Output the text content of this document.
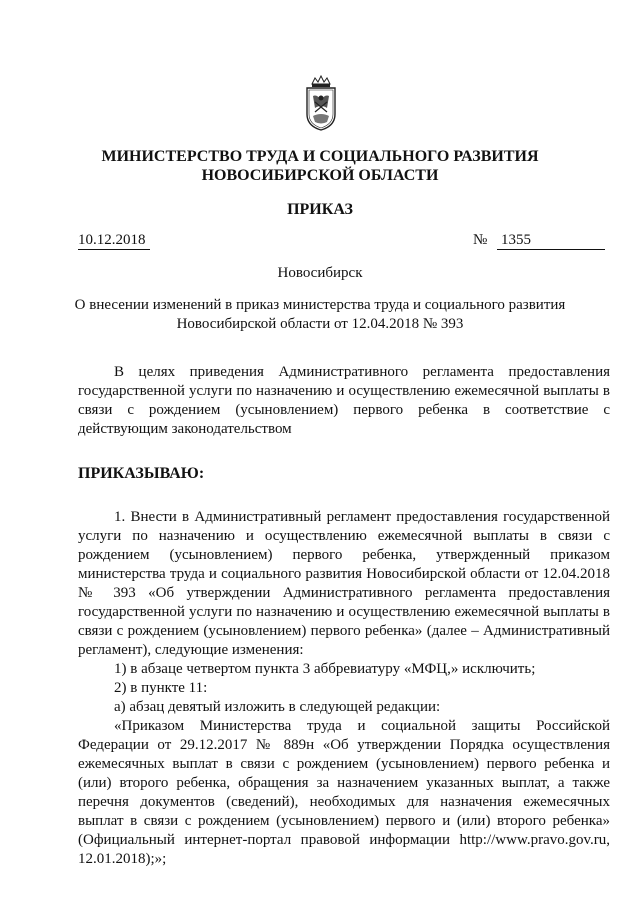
МИНИСТЕРСТВО ТРУДА И СОЦИАЛЬНОГО РАЗВИТИЯ
НОВОСИБИРСКОЙ ОБЛАСТИ
ПРИКАЗ
10.12.2018	№ 1355
Новосибирск
О внесении изменений в приказ министерства труда и социального развития
Новосибирской области от 12.04.2018 № 393

В целях приведения Административного регламента предоставления государственной услуги по назначению и осуществлению ежемесячной выплаты в связи с рождением (усыновлением) первого ребенка в соответствие с действующим законодательством

ПРИКАЗЫВАЮ:

1. Внести в Административный регламент предоставления государственной услуги по назначению и осуществлению ежемесячной выплаты в связи с рождением (усыновлением) первого ребенка, утвержденный приказом министерства труда и социального развития Новосибирской области от 12.04.2018 № 393 «Об утверждении Административного регламента предоставления государственной услуги по назначению и осуществлению ежемесячной выплаты в связи с рождением (усыновлением) первого ребенка» (далее – Административный регламент), следующие изменения:

1) в абзаце четвертом пункта 3 аббревиатуру «МФЦ,» исключить;

2) в пункте 11:

а) абзац девятый изложить в следующей редакции:

«Приказом Министерства труда и социальной защиты Российской Федерации от 29.12.2017 № 889н «Об утверждении Порядка осуществления ежемесячных выплат в связи с рождением (усыновлением) первого ребенка и (или) второго ребенка, обращения за назначением указанных выплат, а также перечня документов (сведений), необходимых для назначения ежемесячных выплат в связи с рождением (усыновлением) первого и (или) второго ребенка» (Официальный интернет-портал правовой информации http://www.pravo.gov.ru, 12.01.2018);»;
